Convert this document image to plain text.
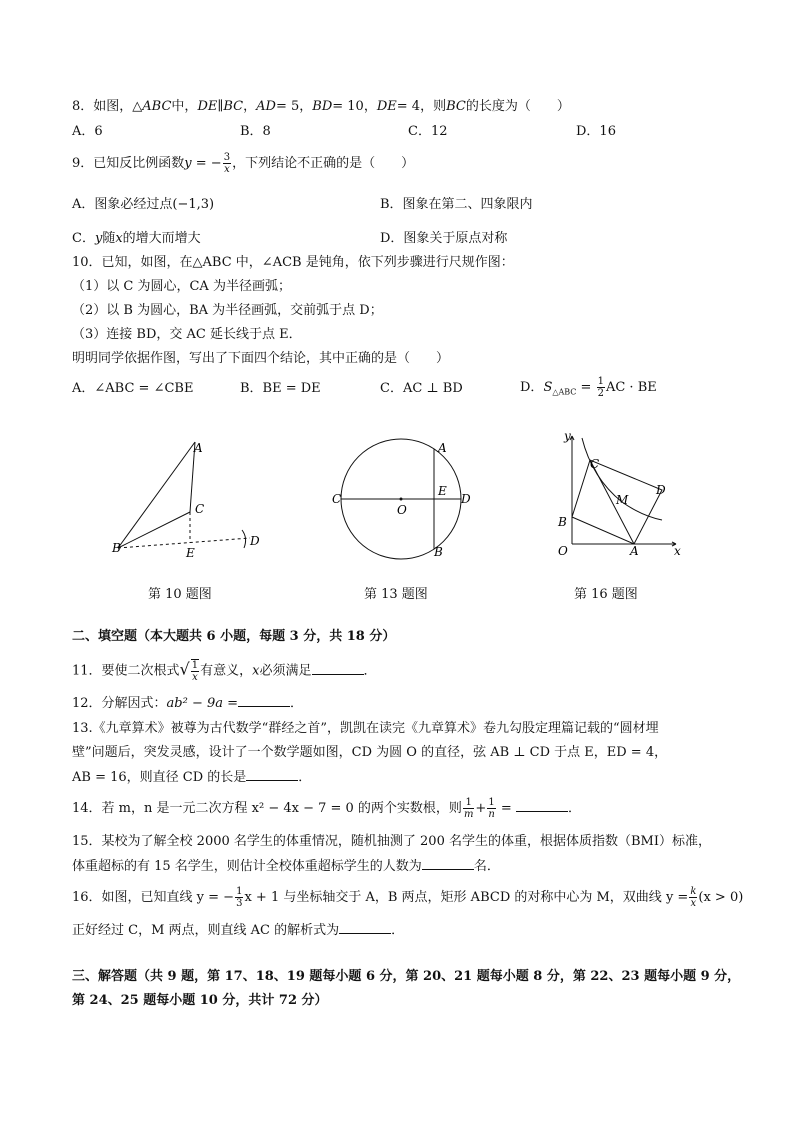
8．如图，△ABC中，DE∥BC，AD= 5，BD= 10，DE= 4，则BC的长度为（　　）
A．6	B．8	C．12	D．16
9．已知反比例函数y = − $\frac{3}{x}$ ，下列结论不正确的是（　　）
A．图象必经过点(−1,3)	B．图象在第二、四象限内
C．y随x的增大而增大	D．图象关于原点对称
10．已知，如图，在△ABC 中，∠ACB 是钝角，依下列步骤进行尺规作图：
（1）以 C 为圆心，CA 为半径画弧；
（2）以 B 为圆心，BA 为半径画弧，交前弧于点 D；
（3）连接 BD，交 AC 延长线于点 E．
明明同学依据作图，写出了下面四个结论，其中正确的是（　　）
A．∠ABC = ∠CBE	B．BE = DE	C．AC ⊥ BD	D．$S_{\triangle ABC} = \frac{1}{2}$ AC · BE
A
C
B	E
D
第 10 题图
A
C
O
E
D
B
第 13 题图
y
C
M
D
B
O	A	x
第 16 题图
二、填空题（本大题共 6 小题，每题 3 分，共 18 分）
11．要使二次根式√ $\frac{1}{x}$ 有意义，x必须满足	．
12．分解因式：ab² − 9a =	．
13.《九章算术》被尊为古代数学“群经之首”，凯凯在读完《九章算术》卷九勾股定理篇记载的“圆材埋
壁”问题后，突发灵感，设计了一个数学题如图，CD 为圆 O 的直径，弦 AB ⊥ CD 于点 E，ED = 4，
AB = 16，则直径 CD 的长是	．
14．若 m，n 是一元二次方程 x² − 4x − 7 = 0 的两个实数根，则 $\frac{1}{m} + \frac{1}{n}$ =	．
15．某校为了解全校 2000 名学生的体重情况，随机抽测了 200 名学生的体重，根据体质指数（BMI）标准，
体重超标的有 15 名学生，则估计全校体重超标学生的人数为	名．
16．如图，已知直线 y = − $\frac{1}{3}$ x + 1 与坐标轴交于 A，B 两点，矩形 ABCD 的对称中心为 M，双曲线 $y = \frac{k}{x} (x > 0)$
正好经过 C，M 两点，则直线 AC 的解析式为	．
三、解答题（共 9 题，第 17、18、19 题每小题 6 分，第 20、21 题每小题 8 分，第 22、23 题每小题 9 分，
第 24、25 题每小题 10 分，共计 72 分）
